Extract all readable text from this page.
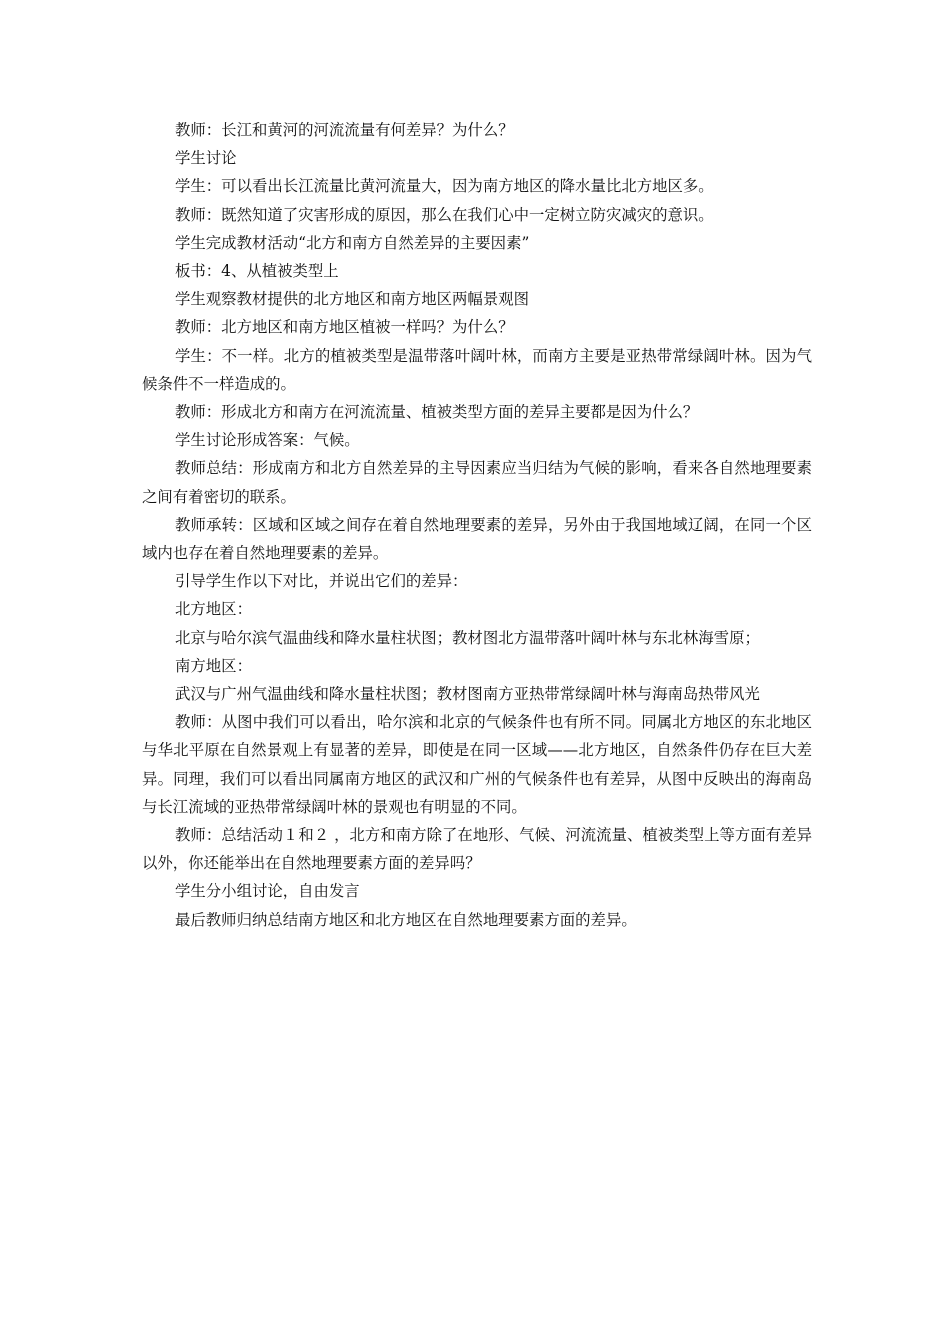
教师：长江和黄河的河流流量有何差异？为什么？

学生讨论

学生：可以看出长江流量比黄河流量大，因为南方地区的降水量比北方地区多。

教师：既然知道了灾害形成的原因，那么在我们心中一定树立防灾减灾的意识。

学生完成教材活动“北方和南方自然差异的主要因素”

板书：4、从植被类型上

学生观察教材提供的北方地区和南方地区两幅景观图

教师：北方地区和南方地区植被一样吗？为什么？

学生：不一样。北方的植被类型是温带落叶阔叶林，而南方主要是亚热带常绿阔叶林。因为气候条件不一样造成的。

教师：形成北方和南方在河流流量、植被类型方面的差异主要都是因为什么？

学生讨论形成答案：气候。

教师总结：形成南方和北方自然差异的主导因素应当归结为气候的影响，看来各自然地理要素之间有着密切的联系。

教师承转：区域和区域之间存在着自然地理要素的差异，另外由于我国地域辽阔，在同一个区域内也存在着自然地理要素的差异。

引导学生作以下对比，并说出它们的差异：

北方地区：

北京与哈尔滨气温曲线和降水量柱状图；教材图北方温带落叶阔叶林与东北林海雪原；

南方地区：

武汉与广州气温曲线和降水量柱状图；教材图南方亚热带常绿阔叶林与海南岛热带风光

教师：从图中我们可以看出，哈尔滨和北京的气候条件也有所不同。同属北方地区的东北地区与华北平原在自然景观上有显著的差异，即使是在同一区域——北方地区，自然条件仍存在巨大差异。同理，我们可以看出同属南方地区的武汉和广州的气候条件也有差异，从图中反映出的海南岛与长江流域的亚热带常绿阔叶林的景观也有明显的不同。

教师：总结活动１和２ ，北方和南方除了在地形、气候、河流流量、植被类型上等方面有差异以外，你还能举出在自然地理要素方面的差异吗？

学生分小组讨论，自由发言

最后教师归纳总结南方地区和北方地区在自然地理要素方面的差异。
